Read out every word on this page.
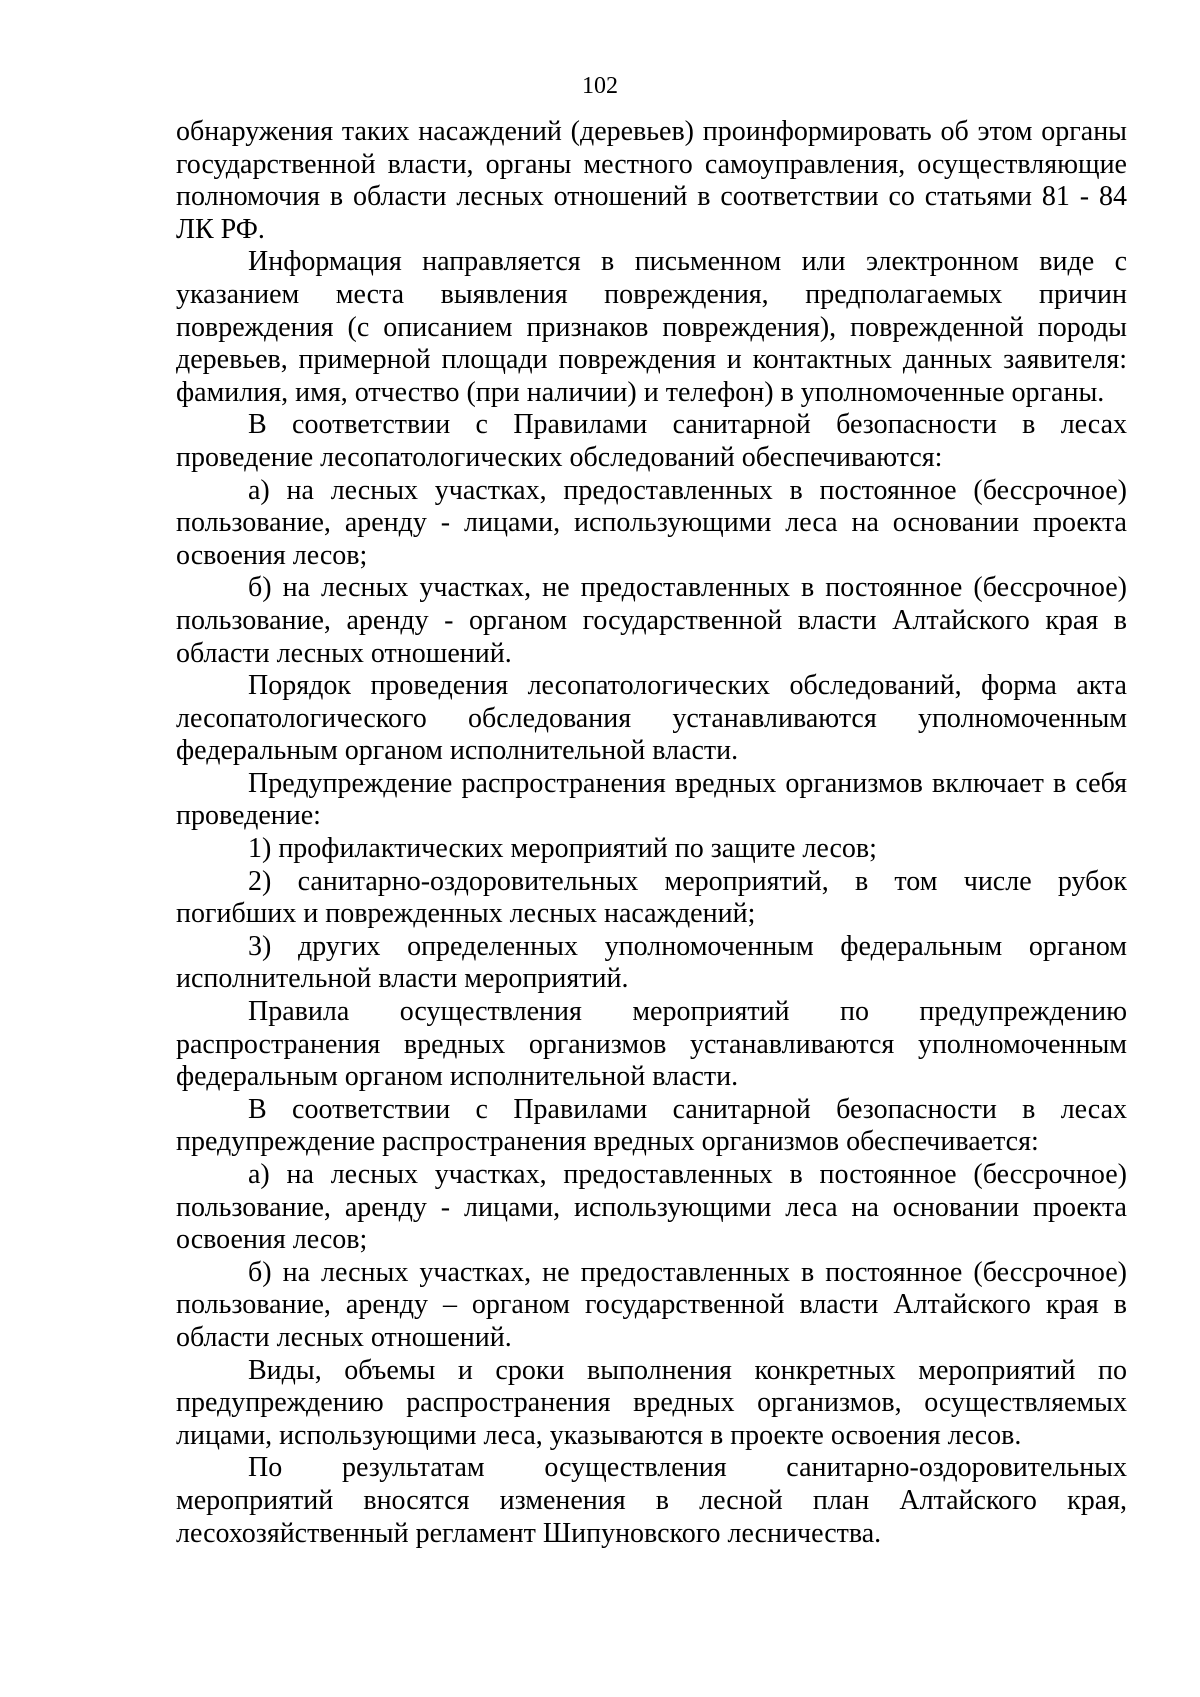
102

обнаружения таких насаждений (деревьев) проинформировать об этом органы государственной власти, органы местного самоуправления, осуществляющие полномочия в области лесных отношений в соответствии со статьями 81 - 84 ЛК РФ.

Информация направляется в письменном или электронном виде с указанием места выявления повреждения, предполагаемых причин повреждения (с описанием признаков повреждения), поврежденной породы деревьев, примерной площади повреждения и контактных данных заявителя: фамилия, имя, отчество (при наличии) и телефон) в уполномоченные органы.

В соответствии с Правилами санитарной безопасности в лесах проведение лесопатологических обследований обеспечиваются:

а) на лесных участках, предоставленных в постоянное (бессрочное) пользование, аренду - лицами, использующими леса на основании проекта освоения лесов;

б) на лесных участках, не предоставленных в постоянное (бессрочное) пользование, аренду - органом государственной власти Алтайского края в области лесных отношений.

Порядок проведения лесопатологических обследований, форма акта лесопатологического обследования устанавливаются уполномоченным федеральным органом исполнительной власти.

Предупреждение распространения вредных организмов включает в себя проведение:

1) профилактических мероприятий по защите лесов;

2) санитарно-оздоровительных мероприятий, в том числе рубок погибших и поврежденных лесных насаждений;

3) других определенных уполномоченным федеральным органом исполнительной власти мероприятий.

Правила осуществления мероприятий по предупреждению распространения вредных организмов устанавливаются уполномоченным федеральным органом исполнительной власти.

В соответствии с Правилами санитарной безопасности в лесах предупреждение распространения вредных организмов обеспечивается:

а) на лесных участках, предоставленных в постоянное (бессрочное) пользование, аренду - лицами, использующими леса на основании проекта освоения лесов;

б) на лесных участках, не предоставленных в постоянное (бессрочное) пользование, аренду – органом государственной власти Алтайского края в области лесных отношений.

Виды, объемы и сроки выполнения конкретных мероприятий по предупреждению распространения вредных организмов, осуществляемых лицами, использующими леса, указываются в проекте освоения лесов.

По результатам осуществления санитарно-оздоровительных мероприятий вносятся изменения в лесной план Алтайского края, лесохозяйственный регламент Шипуновского лесничества.
